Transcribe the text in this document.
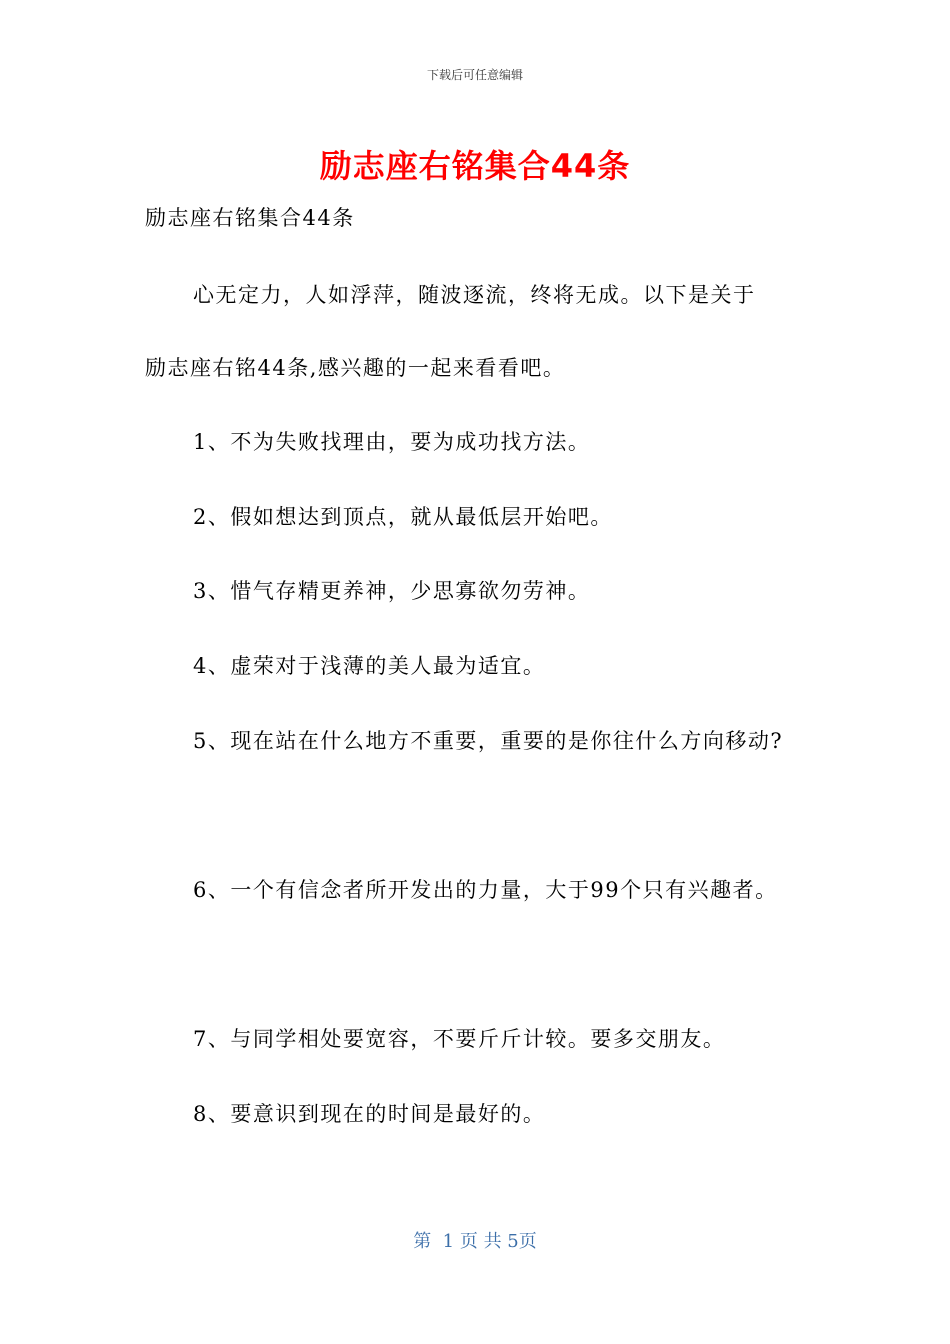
下载后可任意编辑
励志座右铭集合44条
励志座右铭集合44条
心无定力，人如浮萍，随波逐流，终将无成。以下是关于
励志座右铭44条,感兴趣的一起来看看吧。
1、不为失败找理由，要为成功找方法。
2、假如想达到顶点，就从最低层开始吧。
3、惜气存精更养神，少思寡欲勿劳神。
4、虚荣对于浅薄的美人最为适宜。
5、现在站在什么地方不重要，重要的是你往什么方向移动?
6、一个有信念者所开发出的力量，大于99个只有兴趣者。
7、与同学相处要宽容，不要斤斤计较。要多交朋友。
8、要意识到现在的时间是最好的。
第  1 页 共 5页
